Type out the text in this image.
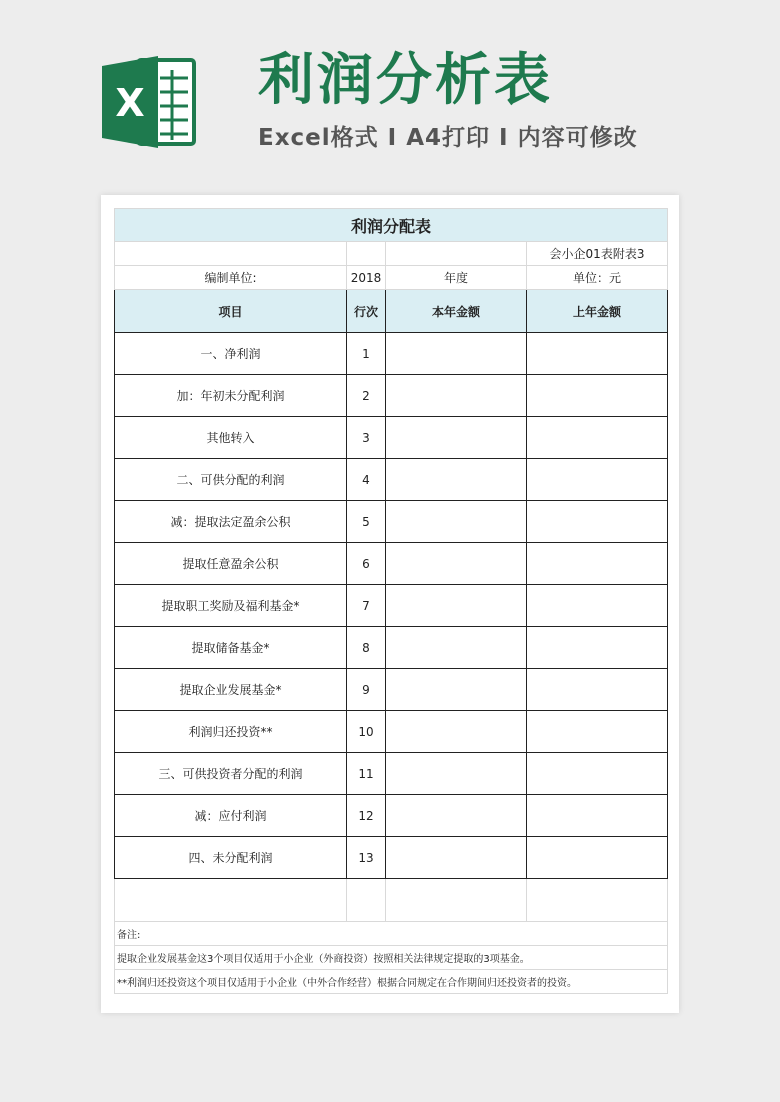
X 利润分析表
Excel格式 I A4打印 I 内容可修改
利润分配表			
			会小企01表附表3
编制单位:	2018	年度	单位：元
项目	行次	本年金额	上年金额
一、净利润	1		
加：年初未分配利润	2		
其他转入	3		
二、可供分配的利润	4		
减：提取法定盈余公积	5		
提取任意盈余公积	6		
提取职工奖励及福利基金*	7		
提取储备基金*	8		
提取企业发展基金*	9		
利润归还投资**	10		
三、可供投资者分配的利润	11		
减：应付利润	12		
四、未分配利润	13		

备注:			
提取企业发展基金这3个项目仅适用于小企业（外商投资）按照相关法律规定提取的3项基金。			
**利润归还投资这个项目仅适用于小企业（中外合作经营）根据合同规定在合作期间归还投资者的投资。			
